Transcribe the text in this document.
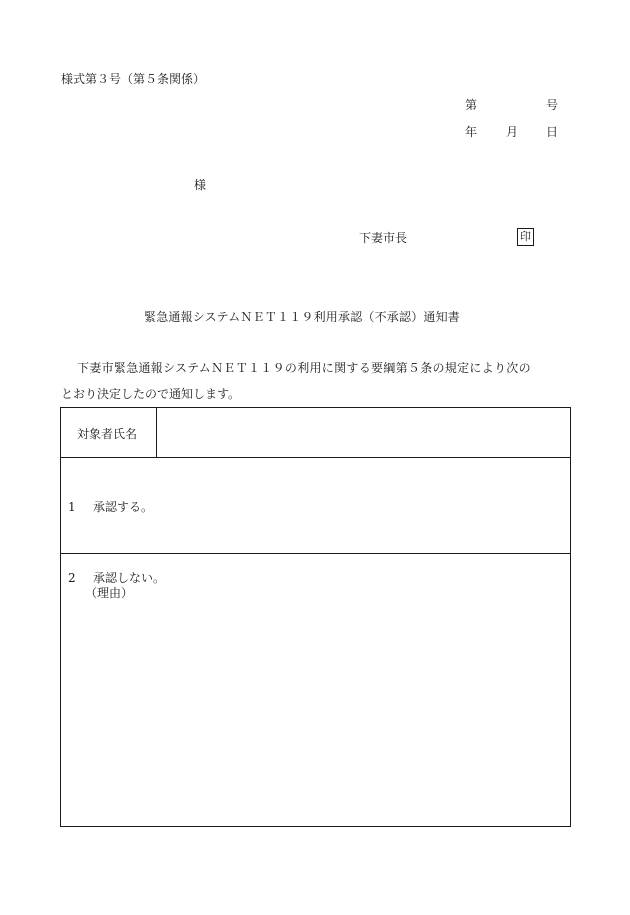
様式第３号（第５条関係）
第	号
年 月 日
様
下妻市長	印
緊急通報システムＮＥＴ１１９利用承認（不承認）通知書
下妻市緊急通報システムＮＥＴ１１９の利用に関する要綱第５条の規定により次の
とおり決定したので通知します。
対象者氏名
1 承認する。
2 承認しない。
（理由）
